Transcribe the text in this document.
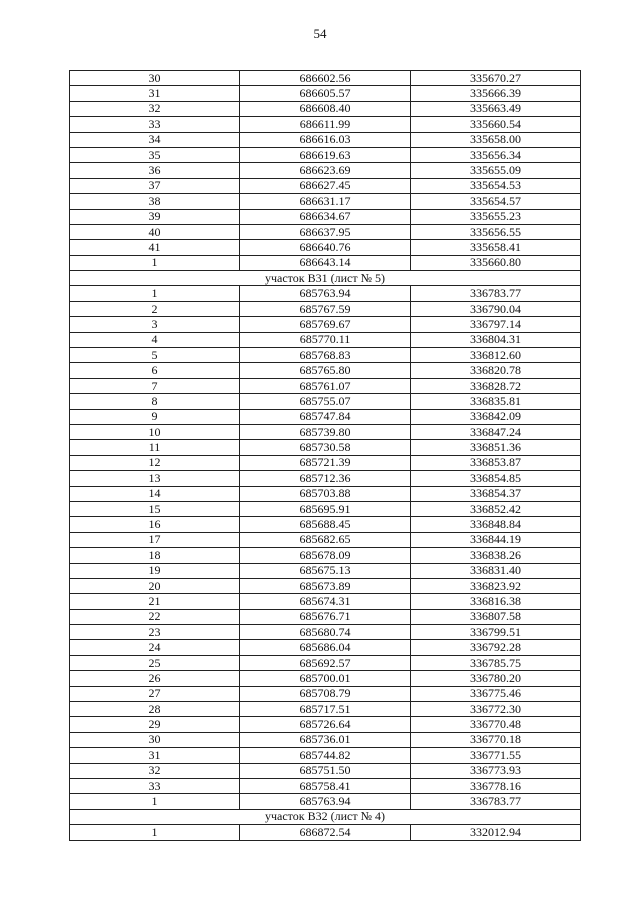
54
30	686602.56	335670.27
31	686605.57	335666.39
32	686608.40	335663.49
33	686611.99	335660.54
34	686616.03	335658.00
35	686619.63	335656.34
36	686623.69	335655.09
37	686627.45	335654.53
38	686631.17	335654.57
39	686634.67	335655.23
40	686637.95	335656.55
41	686640.76	335658.41
1	686643.14	335660.80
участок В31 (лист № 5)		
1	685763.94	336783.77
2	685767.59	336790.04
3	685769.67	336797.14
4	685770.11	336804.31
5	685768.83	336812.60
6	685765.80	336820.78
7	685761.07	336828.72
8	685755.07	336835.81
9	685747.84	336842.09
10	685739.80	336847.24
11	685730.58	336851.36
12	685721.39	336853.87
13	685712.36	336854.85
14	685703.88	336854.37
15	685695.91	336852.42
16	685688.45	336848.84
17	685682.65	336844.19
18	685678.09	336838.26
19	685675.13	336831.40
20	685673.89	336823.92
21	685674.31	336816.38
22	685676.71	336807.58
23	685680.74	336799.51
24	685686.04	336792.28
25	685692.57	336785.75
26	685700.01	336780.20
27	685708.79	336775.46
28	685717.51	336772.30
29	685726.64	336770.48
30	685736.01	336770.18
31	685744.82	336771.55
32	685751.50	336773.93
33	685758.41	336778.16
1	685763.94	336783.77
участок В32 (лист № 4)		
1	686872.54	332012.94
